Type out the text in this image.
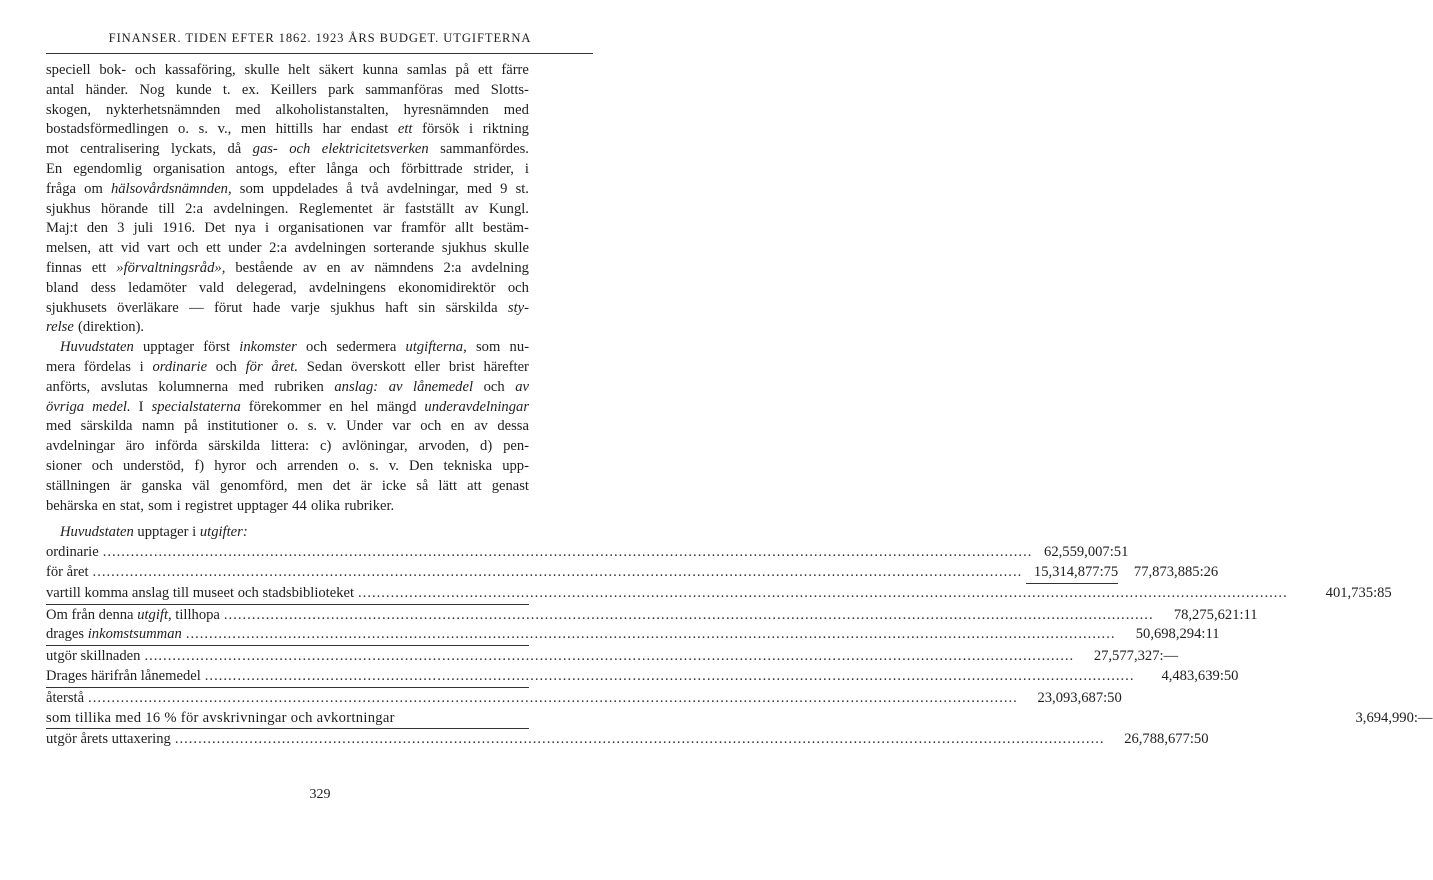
FINANSER. TIDEN EFTER 1862. 1923 ÅRS BUDGET. UTGIFTERNA
speciell bok- och kassaföring, skulle helt säkert kunna samlas på ett färre
antal händer. Nog kunde t. ex. Keillers park sammanföras med Slotts-
skogen, nykterhetsnämnden med alkoholistanstalten, hyresnämnden med
bostadsförmedlingen o. s. v., men hittills har endast ett försök i riktning
mot centralisering lyckats, då gas- och elektricitetsverken sammanfördes.
En egendomlig organisation antogs, efter långa och förbittrade strider, i
fråga om hälsovårdsnämnden, som uppdelades å två avdelningar, med 9 st.
sjukhus hörande till 2:a avdelningen. Reglementet är fastställt av Kungl.
Maj:t den 3 juli 1916. Det nya i organisationen var framför allt bestäm-
melsen, att vid vart och ett under 2:a avdelningen sorterande sjukhus skulle
finnas ett »förvaltningsråd», bestående av en av nämndens 2:a avdelning
bland dess ledamöter vald delegerad, avdelningens ekonomidirektör och
sjukhusets överläkare — förut hade varje sjukhus haft sin särskilda sty-
relse (direktion).
Huvudstaten upptager först inkomster och sedermera utgifterna, som nu-
mera fördelas i ordinarie och för året. Sedan överskott eller brist härefter
anförts, avslutas kolumnerna med rubriken anslag: av lånemedel och av
övriga medel. I specialstaterna förekommer en hel mängd underavdelningar
med särskilda namn på institutioner o. s. v. Under var och en av dessa
avdelningar äro införda särskilda littera: c) avlöningar, arvoden, d) pen-
sioner och understöd, f) hyror och arrenden o. s. v. Den tekniska upp-
ställningen är ganska väl genomförd, men det är icke så lätt att genast
behärska en stat, som i registret upptager 44 olika rubriker.
Huvudstaten upptager i utgifter:
ordinarie ........................................................................................................................................................................................................ 62,559,007:51
för året ........................................................................................................................................................................................................ 15,314,877:75	77,873,885:26
vartill komma anslag till museet och stadsbiblioteket ........................................................................................................................................................................................................	401,735:85
Om från denna utgift, tillhopa ........................................................................................................................................................................................................	78,275,621:11
drages inkomstsumman ........................................................................................................................................................................................................	50,698,294:11
utgör skillnaden ........................................................................................................................................................................................................	27,577,327:—
Drages härifrån lånemedel ........................................................................................................................................................................................................	4,483,639:50
återstå ........................................................................................................................................................................................................	23,093,687:50
som tillika med 16 % för avskrivningar och avkortningar	3,694,990:—
utgör årets uttaxering ........................................................................................................................................................................................................	26,788,677:50
329
